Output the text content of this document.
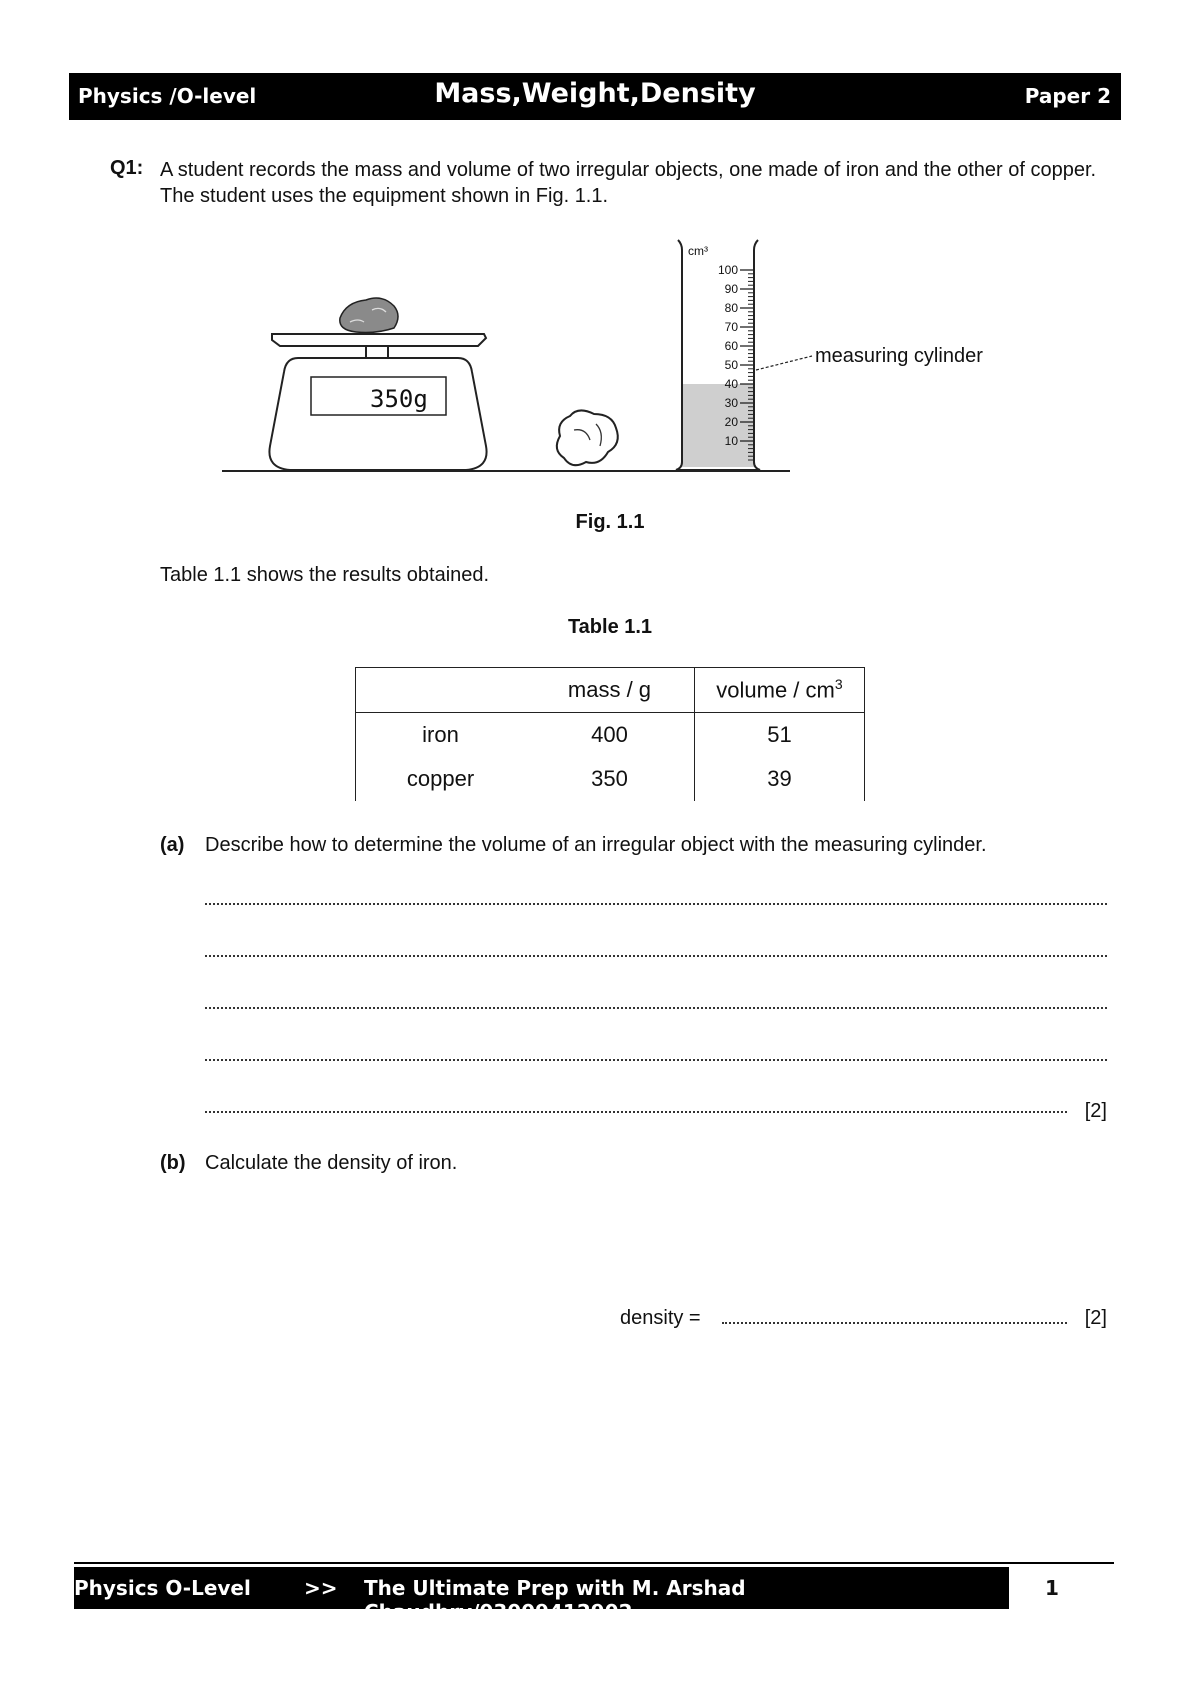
Physics /O-level	Mass,Weight,Density	Paper 2
Q1: A student records the mass and volume of two irregular objects, one made of iron and the other of copper. The student uses the equipment shown in Fig. 1.1.
350g
cm³
100
90
80
70
60
50
40
30
20
10
measuring cylinder
Fig. 1.1
Table 1.1 shows the results obtained.
Table 1.1
	mass / g	volume / $cm^3$
iron	400	51
copper	350	39
(a) Describe how to determine the volume of an irregular object with the measuring cylinder.
[2]
(b) Calculate the density of iron.
density =	[2]
Physics O-Level	>> The Ultimate Prep with M. Arshad Chaudhry/03009412902
1
